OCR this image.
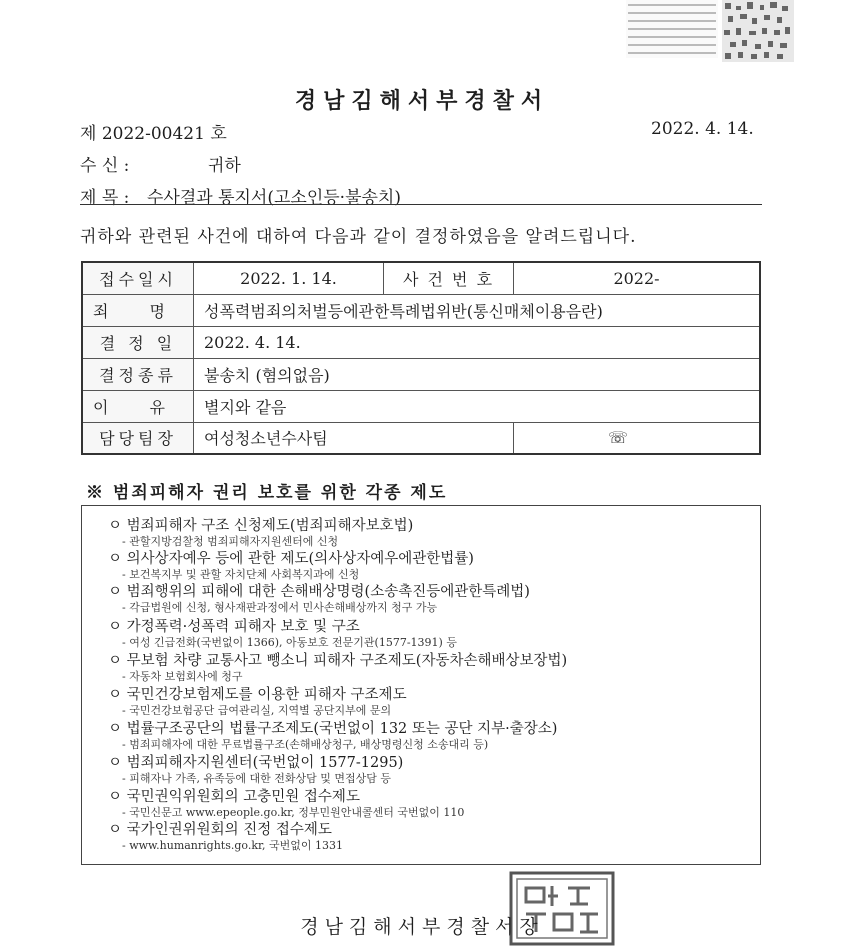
경남김해서부경찰서
제 2022-00421 호	2022. 4. 14.
수 신 :	귀하
제 목 : 수사결과 통지서(고소인등·불송치)
귀하와 관련된 사건에 대하여 다음과 같이 결정하였음을 알려드립니다.
접수일시	2022. 1. 14.	사 건 번 호	2022-
죄 명	성폭력범죄의처벌등에관한특례법위반(통신매체이용음란)		
결 정 일	2022. 4. 14.		
결정종류	불송치 (혐의없음)		
이 유	별지와 같음		
담당팀장	여성청소년수사팀		☏
※ 범죄피해자 권리 보호를 위한 각종 제도
ㅇ 범죄피해자 구조 신청제도(범죄피해자보호법)
- 관할지방검찰청 범죄피해자지원센터에 신청
ㅇ 의사상자예우 등에 관한 제도(의사상자예우에관한법률)
- 보건복지부 및 관할 자치단체 사회복지과에 신청
ㅇ 범죄행위의 피해에 대한 손해배상명령(소송촉진등에관한특례법)
- 각급법원에 신청, 형사재판과정에서 민사손해배상까지 청구 가능
ㅇ 가정폭력·성폭력 피해자 보호 및 구조
- 여성 긴급전화(국번없이 1366), 아동보호 전문기관(1577-1391) 등
ㅇ 무보험 차량 교통사고 뺑소니 피해자 구조제도(자동차손해배상보장법)
- 자동차 보험회사에 청구
ㅇ 국민건강보험제도를 이용한 피해자 구조제도
- 국민건강보험공단 급여관리실, 지역별 공단지부에 문의
ㅇ 법률구조공단의 법률구조제도(국번없이 132 또는 공단 지부·출장소)
- 범죄피해자에 대한 무료법률구조(손해배상청구, 배상명령신청 소송대리 등)
ㅇ 범죄피해자지원센터(국번없이 1577-1295)
- 피해자나 가족, 유족등에 대한 전화상담 및 면접상담 등
ㅇ 국민권익위원회의 고충민원 접수제도
- 국민신문고 www.epeople.go.kr, 정부민원안내콜센터 국번없이 110
ㅇ 국가인권위원회의 진정 접수제도
- www.humanrights.go.kr, 국번없이 1331
경남김해서부경찰서장
